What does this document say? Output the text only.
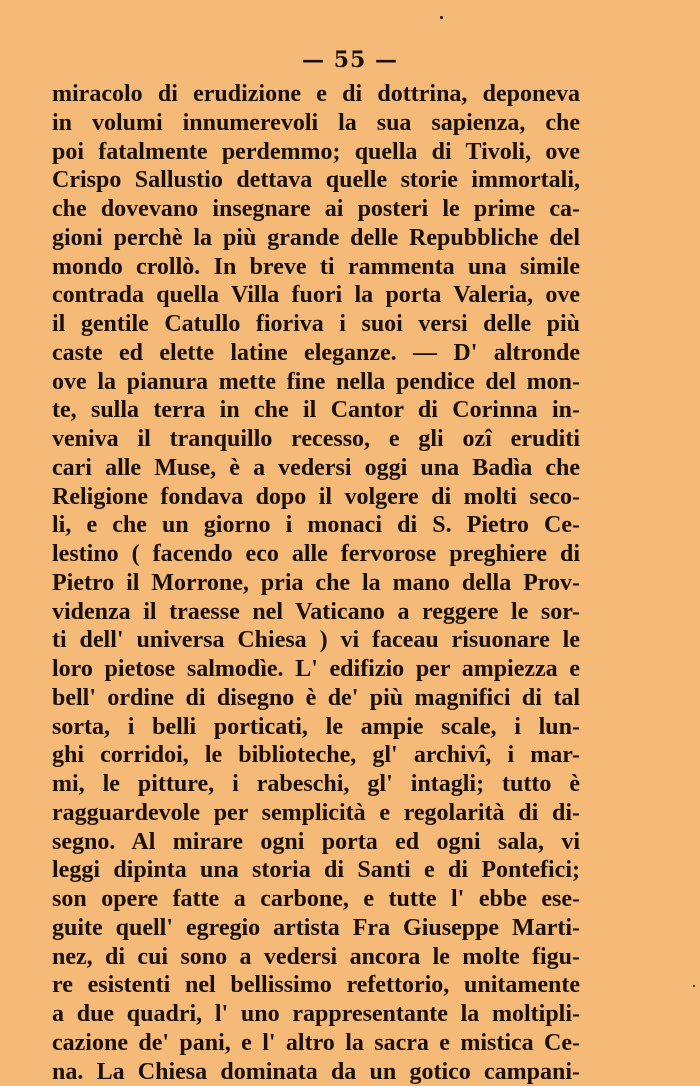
— 55 —
miracolo di erudizione e di dottrina, deponeva
in volumi innumerevoli la sua sapienza, che
poi fatalmente perdemmo; quella di Tivoli, ove
Crispo Sallustio dettava quelle storie immortali,
che dovevano insegnare ai posteri le prime ca-
gioni perchè la più grande delle Repubbliche del
mondo crollò. In breve ti rammenta una simile
contrada quella Villa fuori la porta Valeria, ove
il gentile Catullo fioriva i suoi versi delle più
caste ed elette latine eleganze. — D' altronde
ove la pianura mette fine nella pendice del mon-
te, sulla terra in che il Cantor di Corinna in-
veniva il tranquillo recesso, e gli ozî eruditi
cari alle Muse, è a vedersi oggi una Badìa che
Religione fondava dopo il volgere di molti seco-
li, e che un giorno i monaci di S. Pietro Ce-
lestino ( facendo eco alle fervorose preghiere di
Pietro il Morrone, pria che la mano della Prov-
videnza il traesse nel Vaticano a reggere le sor-
ti dell' universa Chiesa ) vi faceau risuonare le
loro pietose salmodìe. L' edifizio per ampiezza e
bell' ordine di disegno è de' più magnifici di tal
sorta, i belli porticati, le ampie scale, i lun-
ghi corridoi, le biblioteche, gl' archivî, i mar-
mi, le pitture, i rabeschi, gl' intagli; tutto è
ragguardevole per semplicità e regolarità di di-
segno. Al mirare ogni porta ed ogni sala, vi
leggi dipinta una storia di Santi e di Pontefici;
son opere fatte a carbone, e tutte l' ebbe ese-
guite quell' egregio artista Fra Giuseppe Marti-
nez, di cui sono a vedersi ancora le molte figu-
re esistenti nel bellissimo refettorio, unitamente
a due quadri, l' uno rappresentante la moltipli-
cazione de' pani, e l' altro la sacra e mistica Ce-
na. La Chiesa dominata da un gotico campani-
